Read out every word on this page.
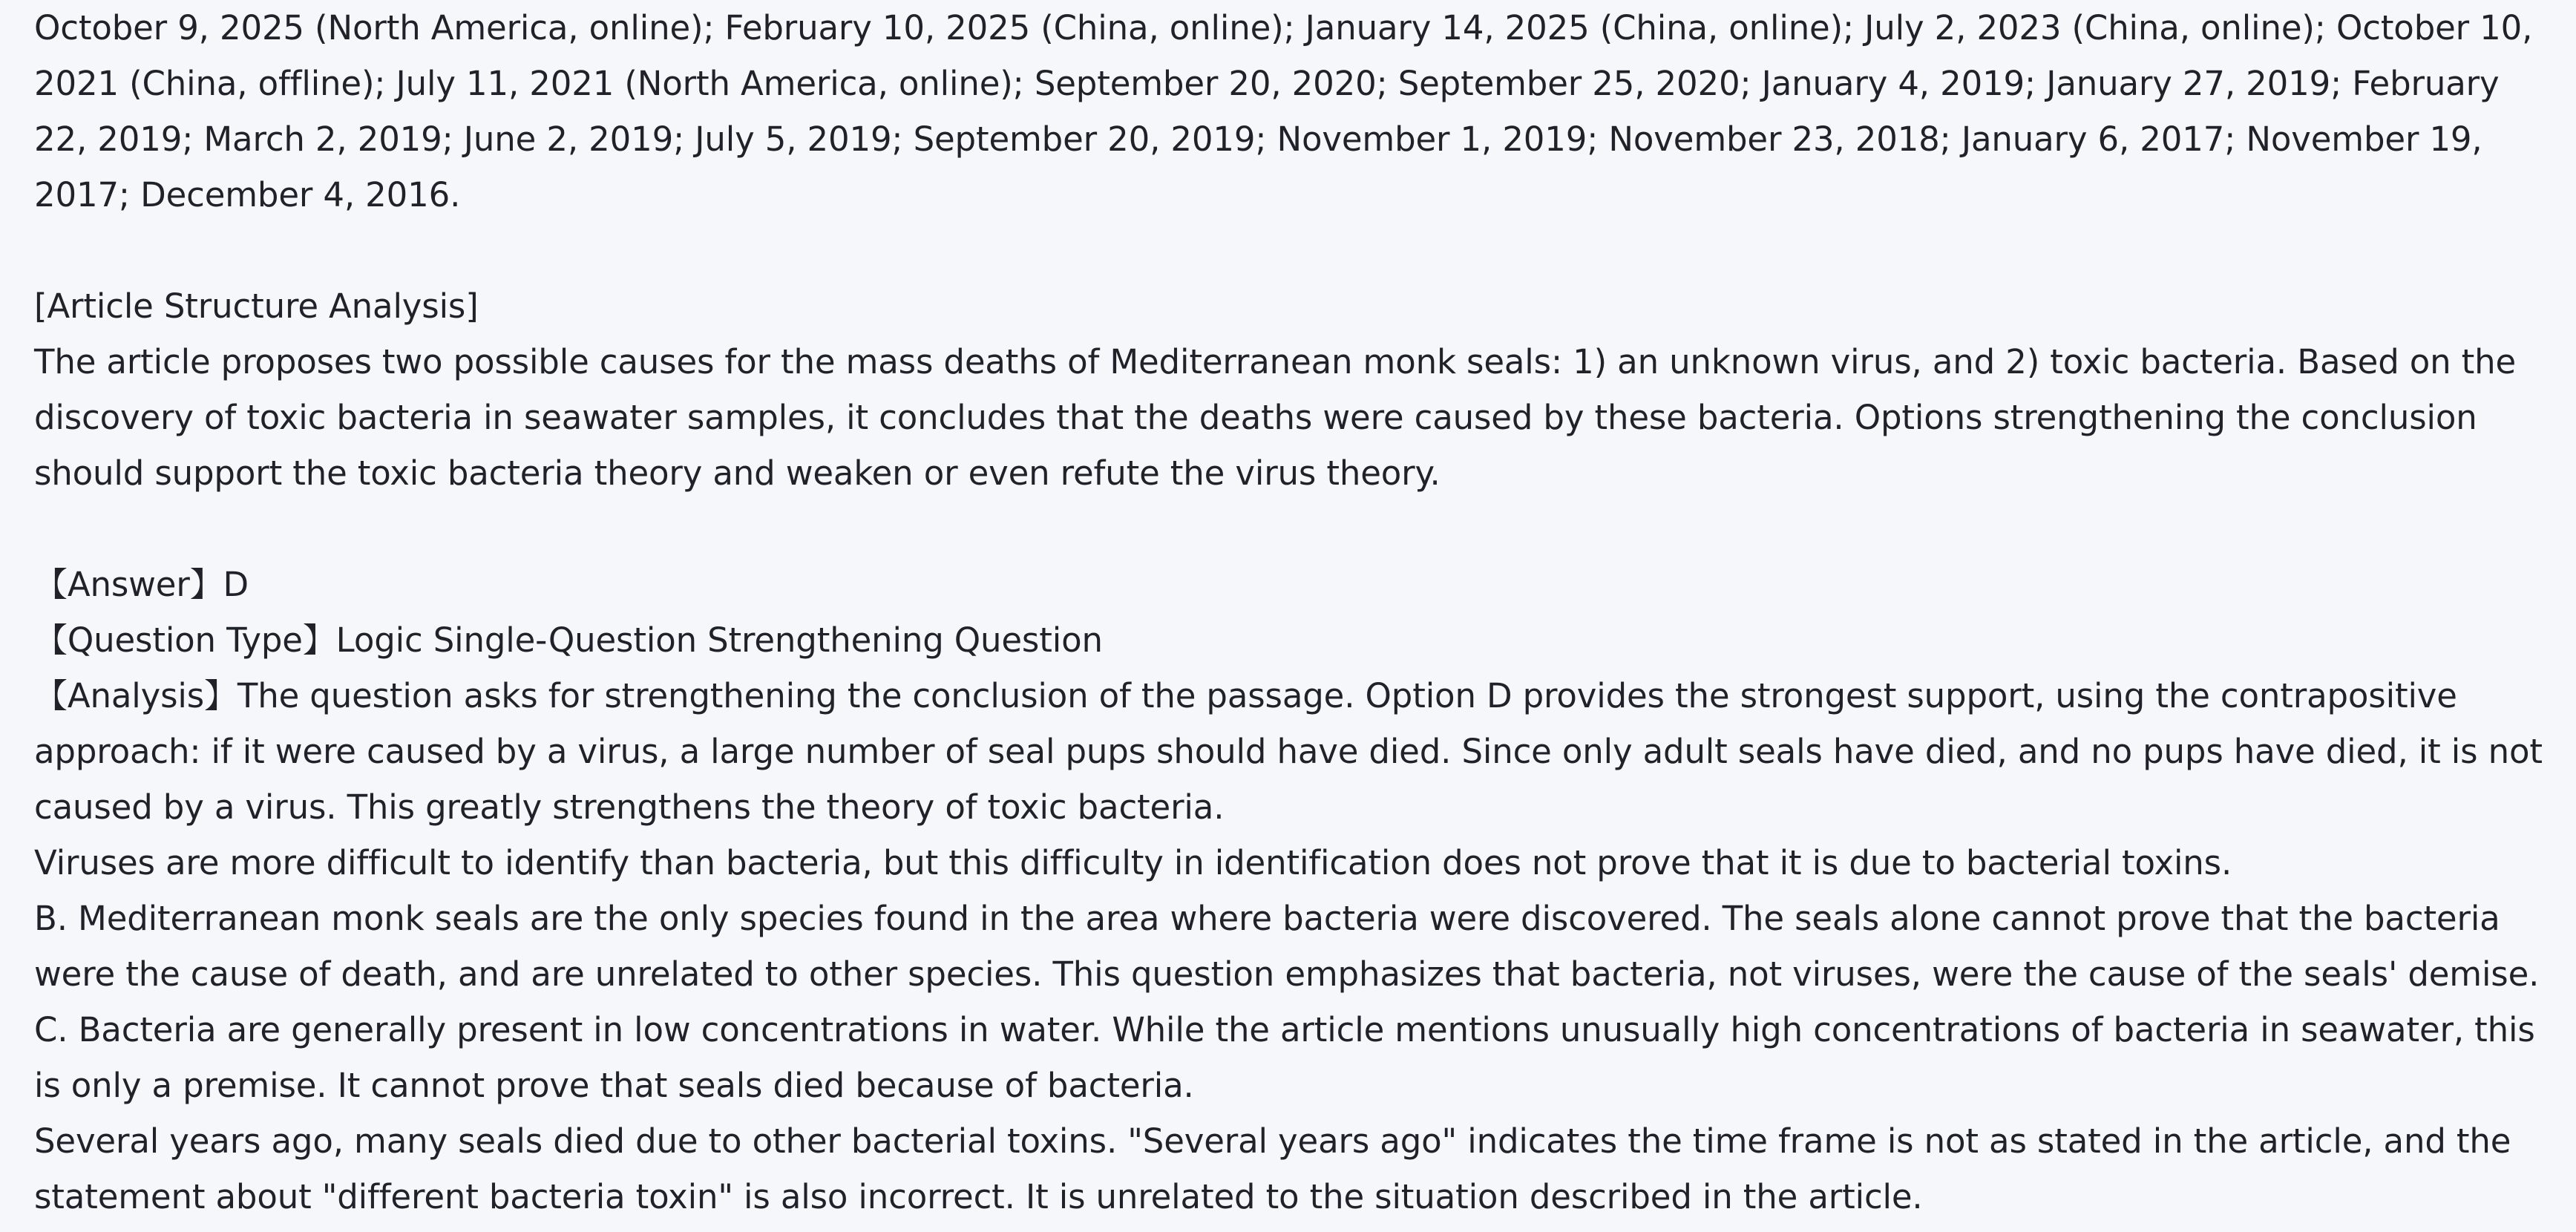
October 9, 2025 (North America, online); February 10, 2025 (China, online); January 14, 2025 (China, online); July 2, 2023 (China, online); October 10, 2021 (China, offline); July 11, 2021 (North America, online); September 20, 2020; September 25, 2020; January 4, 2019; January 27, 2019; February 22, 2019; March 2, 2019; June 2, 2019; July 5, 2019; September 20, 2019; November 1, 2019; November 23, 2018; January 6, 2017; November 19, 2017; December 4, 2016.

[Article Structure Analysis]

The article proposes two possible causes for the mass deaths of Mediterranean monk seals: 1) an unknown virus, and 2) toxic bacteria. Based on the discovery of toxic bacteria in seawater samples, it concludes that the deaths were caused by these bacteria. Options strengthening the conclusion should support the toxic bacteria theory and weaken or even refute the virus theory.

【Answer】D

【Question Type】Logic Single-Question Strengthening Question

【Analysis】The question asks for strengthening the conclusion of the passage. Option D provides the strongest support, using the contrapositive approach: if it were caused by a virus, a large number of seal pups should have died. Since only adult seals have died, and no pups have died, it is not caused by a virus. This greatly strengthens the theory of toxic bacteria.

Viruses are more difficult to identify than bacteria, but this difficulty in identification does not prove that it is due to bacterial toxins.

B. Mediterranean monk seals are the only species found in the area where bacteria were discovered. The seals alone cannot prove that the bacteria were the cause of death, and are unrelated to other species. This question emphasizes that bacteria, not viruses, were the cause of the seals' demise.

C. Bacteria are generally present in low concentrations in water. While the article mentions unusually high concentrations of bacteria in seawater, this is only a premise. It cannot prove that seals died because of bacteria.

Several years ago, many seals died due to other bacterial toxins. "Several years ago" indicates the time frame is not as stated in the article, and the statement about "different bacteria toxin" is also incorrect. It is unrelated to the situation described in the article.
